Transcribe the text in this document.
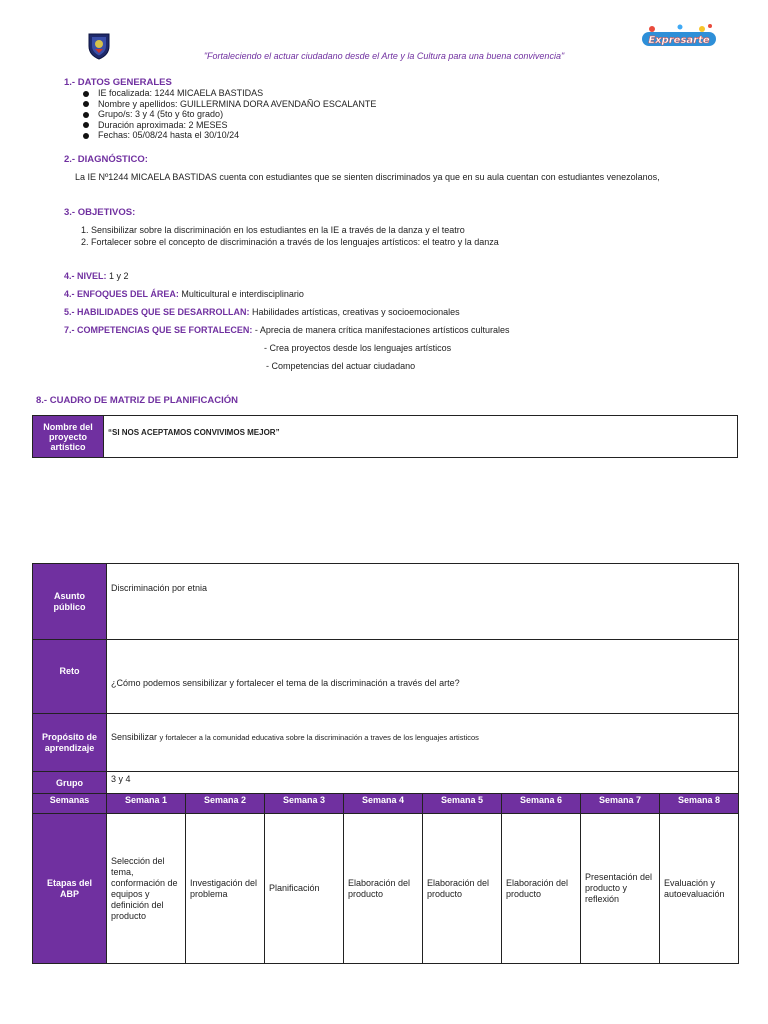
Expresarte
"Fortaleciendo el actuar ciudadano desde el Arte y la Cultura para una buena convivencia"
1.- DATOS GENERALES
IE focalizada: 1244 MICAELA BASTIDAS
Nombre y apellidos: GUILLERMINA DORA AVENDAÑO ESCALANTE
Grupo/s: 3 y 4 (5to y 6to grado)
Duración aproximada: 2 MESES
Fechas: 05/08/24 hasta el 30/10/24
2.- DIAGNÓSTICO:
La IE Nº1244 MICAELA BASTIDAS cuenta con estudiantes que se sienten discriminados ya que en su aula cuentan con estudiantes venezolanos,
3.- OBJETIVOS:
1. Sensibilizar sobre la discriminación en los estudiantes en la IE a través de la danza y el teatro
2. Fortalecer sobre el concepto de discriminación a través de los lenguajes artísticos: el teatro y la danza
4.- NIVEL: 1 y 2
4.- ENFOQUES DEL ÁREA: Multicultural e interdisciplinario
5.- HABILIDADES QUE SE DESARROLLAN: Habilidades artísticas, creativas y socioemocionales
7.- COMPETENCIAS QUE SE FORTALECEN: - Aprecia de manera crítica manifestaciones artísticos culturales
- Crea proyectos desde los lenguajes artísticos
- Competencias del actuar ciudadano
8.- CUADRO DE MATRIZ DE PLANIFICACIÓN
Nombre del proyecto artístico	“SI NOS ACEPTAMOS CONVIVIMOS MEJOR”
Asunto público	Discriminación por etnia							
Reto	¿Cómo podemos sensibilizar y fortalecer el tema de la discriminación a través del arte?							
Propósito de aprendizaje	Sensibilizar y fortalecer a la comunidad educativa sobre la discriminación a traves de los lenguajes artisticos							
Grupo	3 y 4							
Semanas	Semana 1	Semana 2	Semana 3	Semana 4	Semana 5	Semana 6	Semana 7	Semana 8
Etapas del ABP	Selección del tema, conformación de equipos y definición del producto	Investigación del problema	Planificación	Elaboración del producto	Elaboración del producto	Elaboración del producto	Presentación del producto y reflexión	Evaluación y autoevaluación
